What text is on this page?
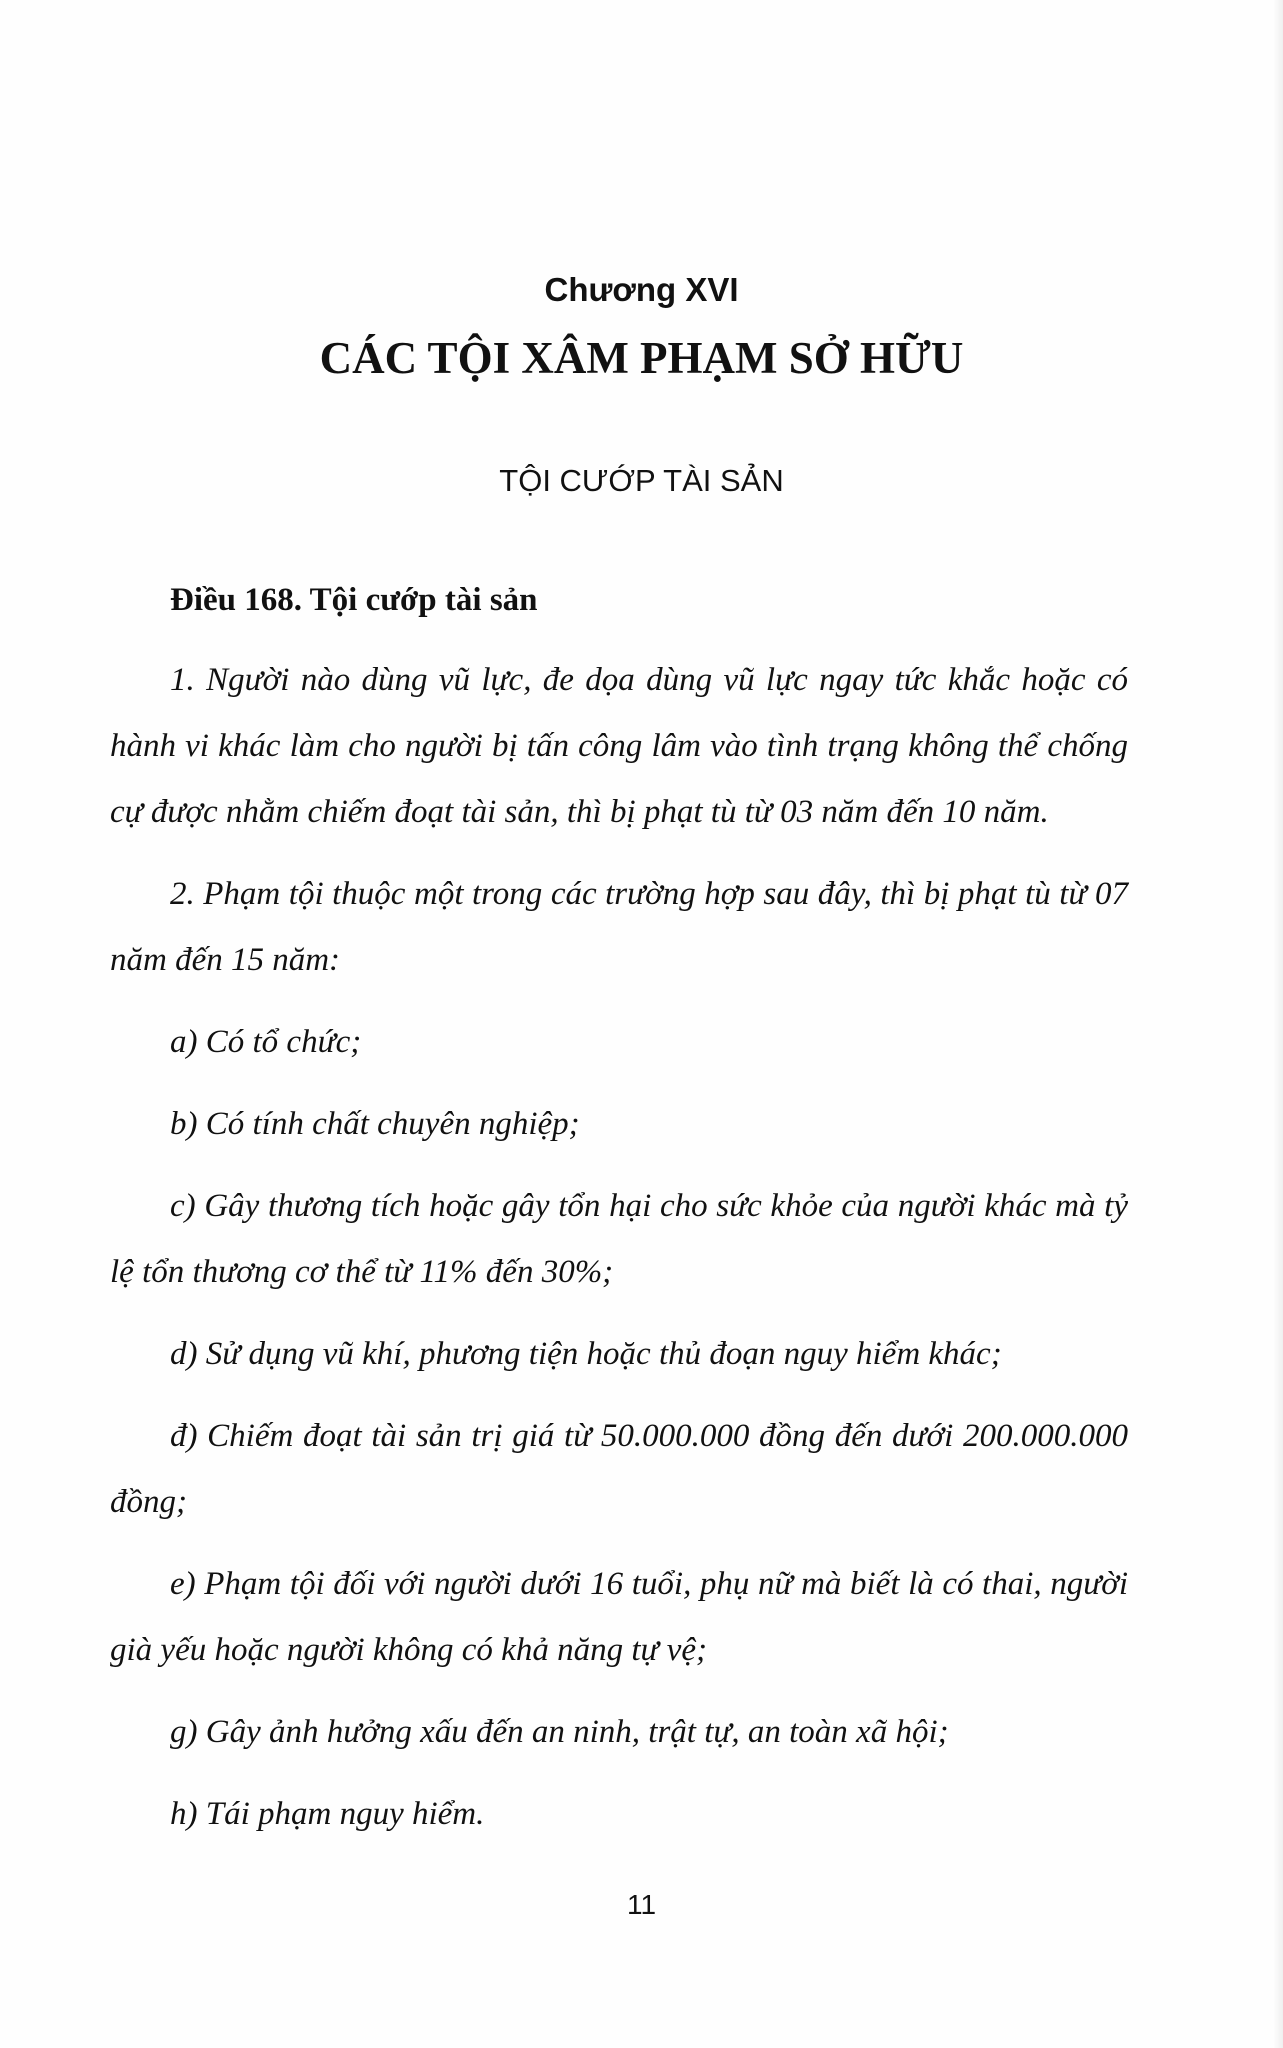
Chương XVI
CÁC TỘI XÂM PHẠM SỞ HỮU
TỘI CƯỚP TÀI SẢN
Điều 168. Tội cướp tài sản

1. Người nào dùng vũ lực, đe dọa dùng vũ lực ngay tức khắc hoặc có hành vi khác làm cho người bị tấn công lâm vào tình trạng không thể chống cự được nhằm chiếm đoạt tài sản, thì bị phạt tù từ 03 năm đến 10 năm.

2. Phạm tội thuộc một trong các trường hợp sau đây, thì bị phạt tù từ 07 năm đến 15 năm:

a) Có tổ chức;

b) Có tính chất chuyên nghiệp;

c) Gây thương tích hoặc gây tổn hại cho sức khỏe của người khác mà tỷ lệ tổn thương cơ thể từ 11% đến 30%;

d) Sử dụng vũ khí, phương tiện hoặc thủ đoạn nguy hiểm khác;

đ) Chiếm đoạt tài sản trị giá từ 50.000.000 đồng đến dưới 200.000.000 đồng;

e) Phạm tội đối với người dưới 16 tuổi, phụ nữ mà biết là có thai, người già yếu hoặc người không có khả năng tự vệ;

g) Gây ảnh hưởng xấu đến an ninh, trật tự, an toàn xã hội;

h) Tái phạm nguy hiểm.

11
